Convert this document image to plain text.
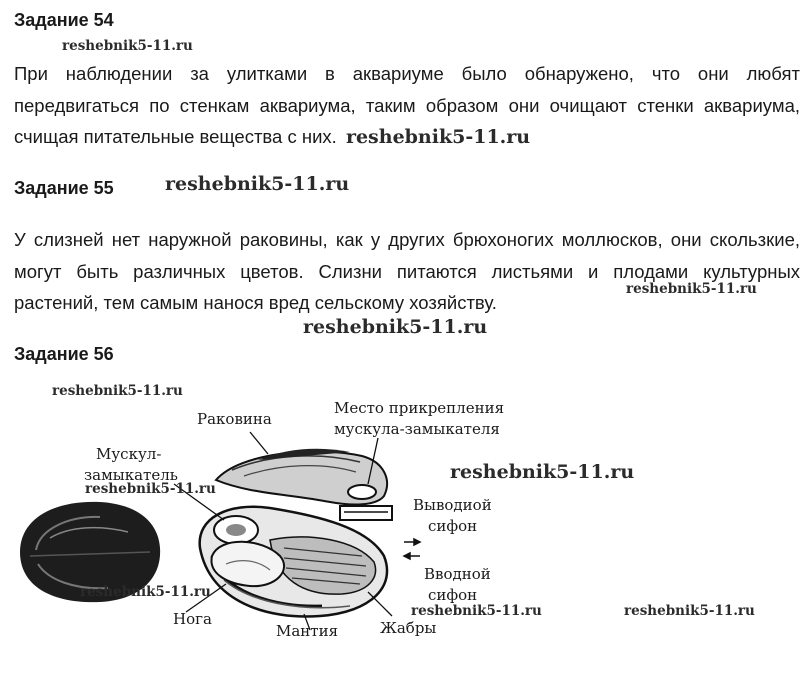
Задание 54
reshebnik5-11.ru

При наблюдении за улитками в аквариуме было обнаружено, что они любят передвигаться по стенкам аквариума, таким образом они очищают стенки аквариума, счищая питательные вещества с них. reshebnik5-11.ru

Задание 55	reshebnik5-11.ru

У слизней нет наружной раковины, как у других брюхоногих моллюсков, они скользкие, могут быть различных цветов. Слизни питаются листьями и плодами культурных растений, тем самым нанося вред сельскому хозяйству.

reshebnik5-11.ru
reshebnik5-11.ru
Задание 56
Раковина
Место прикрепления
мускула-замыкателя
Мускул-
замыкатель
Выводиой
сифон
Вводной
сифон
Нога
Мантия	Жабры
reshebnik5-11.ru
reshebnik5-11.ru
reshebnik5-11.ru
reshebnik5-11.ru
reshebnik5-11.ru	reshebnik5-11.ru
